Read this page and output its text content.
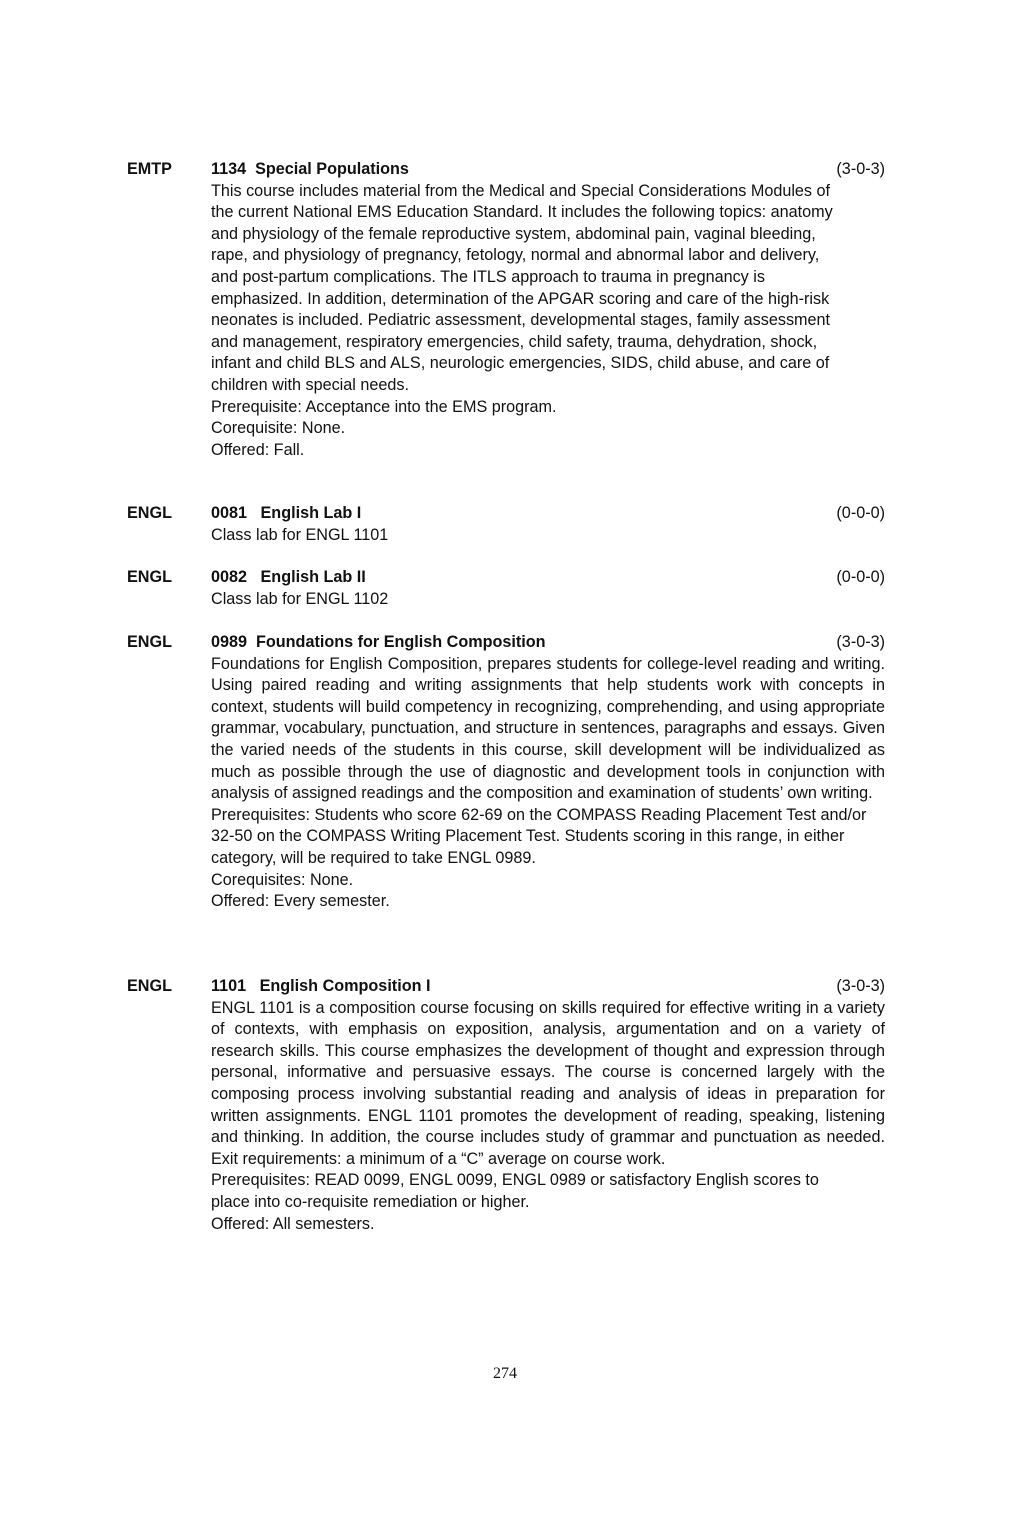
EMTP 1134  Special Populations	(3-0-3)

This course includes material from the Medical and Special Considerations Modules of the current National EMS Education Standard. It includes the following topics: anatomy and physiology of the female reproductive system, abdominal pain, vaginal bleeding, rape, and physiology of pregnancy, fetology, normal and abnormal labor and delivery, and post-partum complications. The ITLS approach to trauma in pregnancy is emphasized. In addition, determination of the APGAR scoring and care of the high-risk neonates is included. Pediatric assessment, developmental stages, family assessment and management, respiratory emergencies, child safety, trauma, dehydration, shock, infant and child BLS and ALS, neurologic emergencies, SIDS, child abuse, and care of children with special needs.

Prerequisite: Acceptance into the EMS program.

Corequisite: None.

Offered: Fall.

ENGL 0081   English Lab I	(0-0-0)

Class lab for ENGL 1101

ENGL 0082   English Lab II	(0-0-0)

Class lab for ENGL 1102

ENGL 0989  Foundations for English Composition	(3-0-3)

Foundations for English Composition, prepares students for college-level reading and writing. Using paired reading and writing assignments that help students work with concepts in context, students will build competency in recognizing, comprehending, and using appropriate grammar, vocabulary, punctuation, and structure in sentences, paragraphs and essays. Given the varied needs of the students in this course, skill development will be individualized as much as possible through the use of diagnostic and development tools in conjunction with analysis of assigned readings and the composition and examination of students’ own writing.

Prerequisites: Students who score 62-69 on the COMPASS Reading Placement Test and/or 32-50 on the COMPASS Writing Placement Test. Students scoring in this range, in either category, will be required to take ENGL 0989.

Corequisites: None.

Offered: Every semester.

ENGL 1101   English Composition I	(3-0-3)

ENGL 1101 is a composition course focusing on skills required for effective writing in a variety of contexts, with emphasis on exposition, analysis, argumentation and on a variety of research skills. This course emphasizes the development of thought and expression through personal, informative and persuasive essays. The course is concerned largely with the composing process involving substantial reading and analysis of ideas in preparation for written assignments. ENGL 1101 promotes the development of reading, speaking, listening and thinking. In addition, the course includes study of grammar and punctuation as needed. Exit requirements: a minimum of a “C” average on course work.

Prerequisites: READ 0099, ENGL 0099, ENGL 0989 or satisfactory English scores to place into co-requisite remediation or higher.

Offered: All semesters.

274
